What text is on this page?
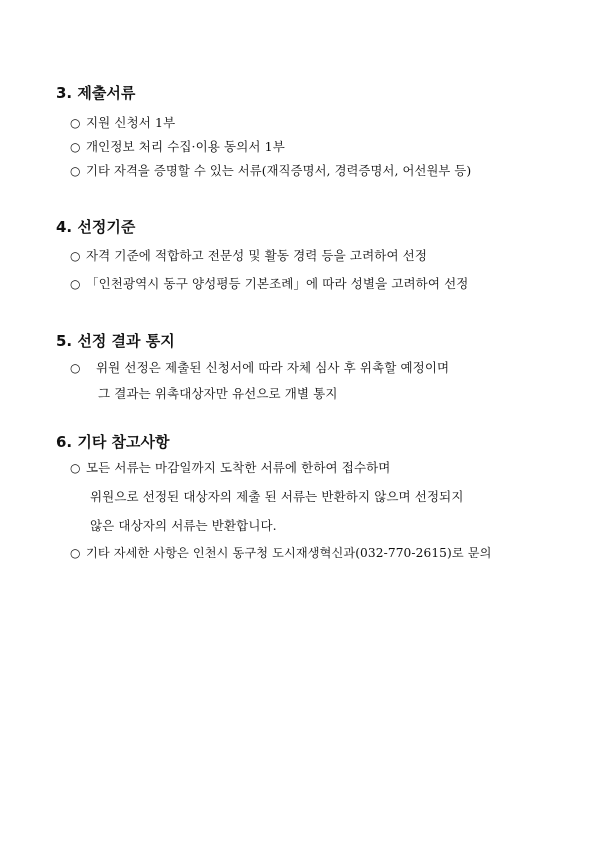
3. 제출서류
○ 지원 신청서 1부
○ 개인정보 처리 수집·이용 동의서 1부
○ 기타 자격을 증명할 수 있는 서류(재직증명서, 경력증명서, 어선원부 등)
4. 선정기준
○ 자격 기준에 적합하고 전문성 및 활동 경력 등을 고려하여 선정
○ 「인천광역시 동구 양성평등 기본조례」에 따라 성별을 고려하여 선정
5. 선정 결과 통지
○ 위원 선정은 제출된 신청서에 따라 자체 심사 후 위촉할 예정이며
그 결과는 위촉대상자만 유선으로 개별 통지
6. 기타 참고사항
○ 모든 서류는 마감일까지 도착한 서류에 한하여 접수하며
위원으로 선정된 대상자의 제출 된 서류는 반환하지 않으며 선정되지
않은 대상자의 서류는 반환합니다.
○ 기타 자세한 사항은 인천시 동구청 도시재생혁신과(032-770-2615)로 문의
